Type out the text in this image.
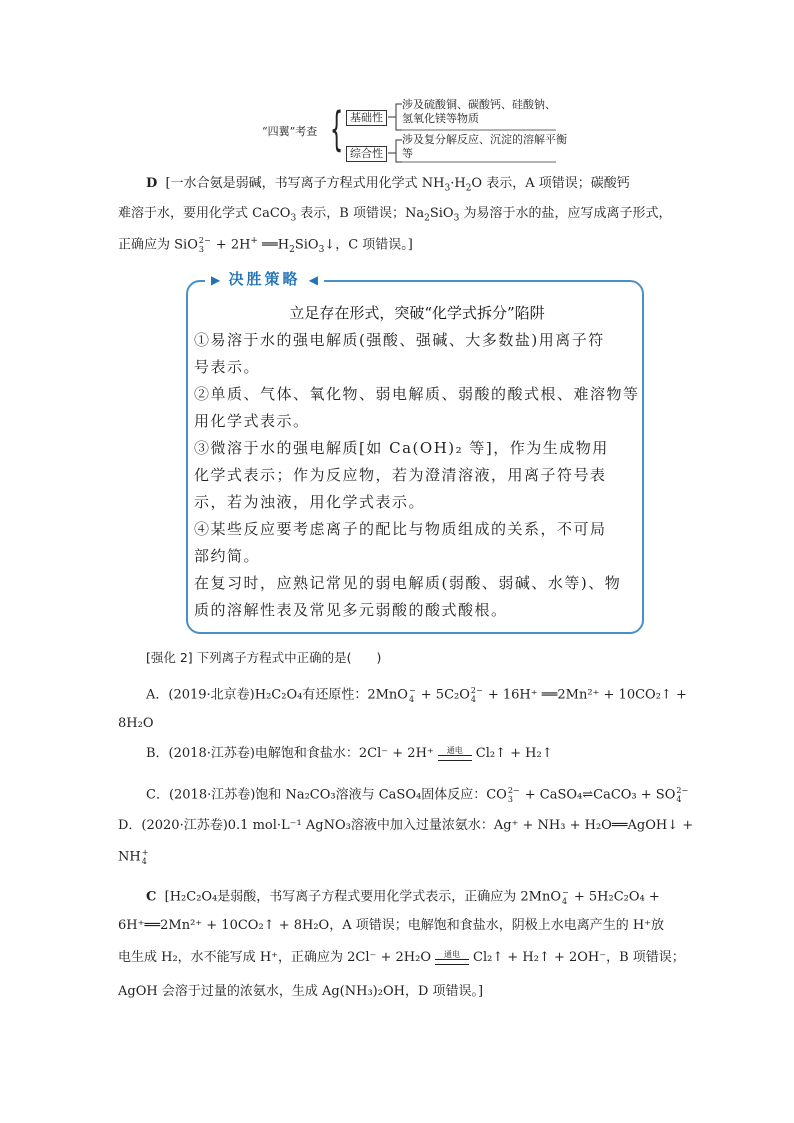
“四翼”考查 { 基础性
综合性
涉及硫酸铜、碳酸钙、硅酸钠、
氢氧化镁等物质
涉及复分解反应、沉淀的溶解平衡
等
D [一水合氨是弱碱，书写离子方程式用化学式 $NH_3\cdot H_2O$ 表示，A 项错误；碳酸钙
难溶于水，要用化学式 CaCO$_3$ 表示，B 项错误；$Na_2SiO_3$ 为易溶于水的盐，应写成离子形式，
正确应为 SiO 2−
3 + 2H+ $══H_2SiO_3↓$，C 项错误。]
▶ 决胜策略 ◀
立足存在形式，突破“化学式拆分”陷阱
①易溶于水的强电解质(强酸、强碱、大多数盐)用离子符
号表示。
②单质、气体、氧化物、弱电解质、弱酸的酸式根、难溶物等
用化学式表示。
③微溶于水的强电解质[如 Ca(OH)₂ 等]，作为生成物用
化学式表示；作为反应物，若为澄清溶液，用离子符号表
示，若为浊液，用化学式表示。
④某些反应要考虑离子的配比与物质组成的关系，不可局
部约简。
在复习时，应熟记常见的弱电解质(弱酸、弱碱、水等)、物
质的溶解性表及常见多元弱酸的酸式酸根。
[强化 2] 下列离子方程式中正确的是(　　)
A．(2019·北京卷)H₂C₂O₄有还原性：2MnO −
4 + 5C₂O 2−
4 + 16H⁺ ══2Mn²⁺ + 10CO₂↑ +
8H₂O
B．(2018·江苏卷)电解饱和食盐水：2Cl⁻ + 2H⁺ 通电 Cl₂↑ + H₂↑
C．(2018·江苏卷)饱和 Na₂CO₃溶液与 CaSO₄固体反应：CO 2−
3 + CaSO₄⇌CaCO₃ + SO 2−
4
D．(2020·江苏卷)0.1 mol·L⁻¹ AgNO₃溶液中加入过量浓氨水：Ag⁺ + NH₃ + H₂O══AgOH↓ +
NH +
4
C [H₂C₂O₄是弱酸，书写离子方程式要用化学式表示，正确应为 2MnO −
4 + 5H₂C₂O₄ +
6H⁺══2Mn²⁺ + 10CO₂↑ + 8H₂O，A 项错误；电解饱和食盐水，阴极上水电离产生的 H⁺放
电生成 H₂，水不能写成 H⁺，正确应为 2Cl⁻ + 2H₂O 通电 Cl₂↑ + H₂↑ + 2OH⁻，B 项错误；
AgOH 会溶于过量的浓氨水，生成 Ag(NH₃)₂OH，D 项错误。]
